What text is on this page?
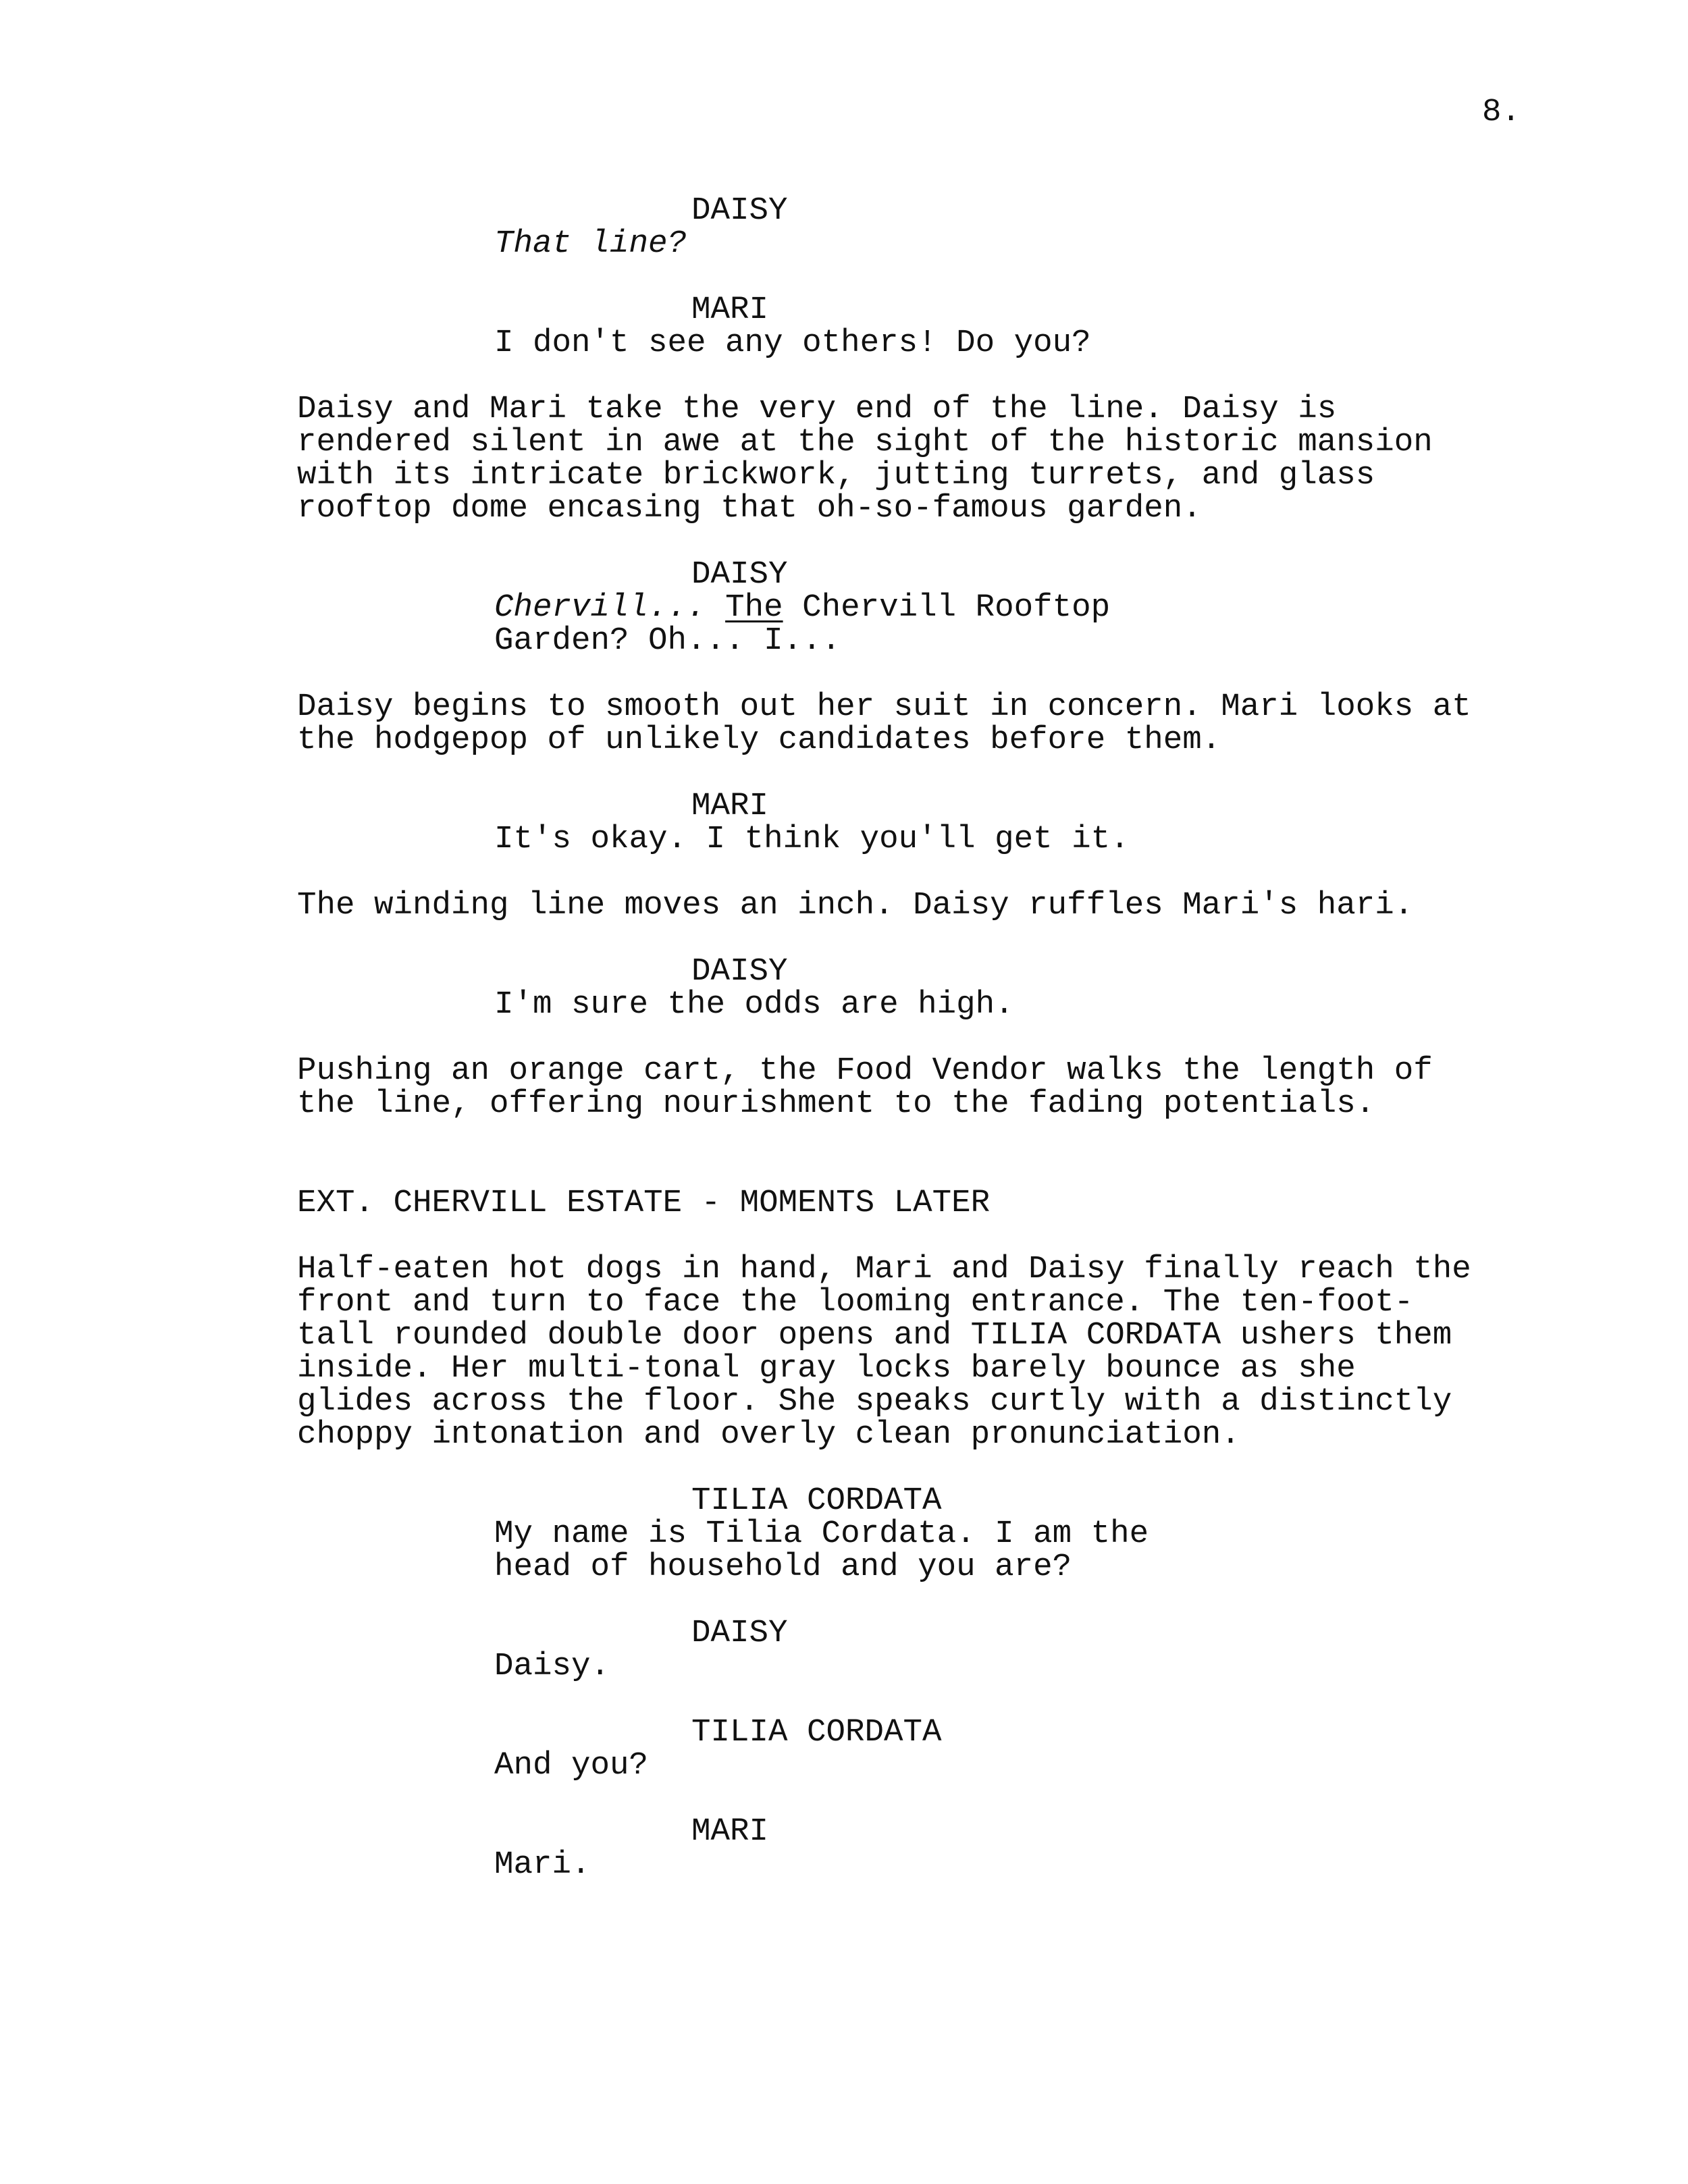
8.

DAISY

That line?

MARI

I don't see any others! Do you?

Daisy and Mari take the very end of the line. Daisy is

rendered silent in awe at the sight of the historic mansion

with its intricate brickwork, jutting turrets, and glass

rooftop dome encasing that oh-so-famous garden.

DAISY

Chervill... The Chervill Rooftop

Garden? Oh... I...

Daisy begins to smooth out her suit in concern. Mari looks at

the hodgepop of unlikely candidates before them.

MARI

It's okay. I think you'll get it.

The winding line moves an inch. Daisy ruffles Mari's hari.

DAISY

I'm sure the odds are high.

Pushing an orange cart, the Food Vendor walks the length of

the line, offering nourishment to the fading potentials.

EXT. CHERVILL ESTATE - MOMENTS LATER

Half-eaten hot dogs in hand, Mari and Daisy finally reach the

front and turn to face the looming entrance. The ten-foot-

tall rounded double door opens and TILIA CORDATA ushers them

inside. Her multi-tonal gray locks barely bounce as she

glides across the floor. She speaks curtly with a distinctly

choppy intonation and overly clean pronunciation.

TILIA CORDATA

My name is Tilia Cordata. I am the

head of household and you are?

DAISY

Daisy.

TILIA CORDATA

And you?

MARI

Mari.
